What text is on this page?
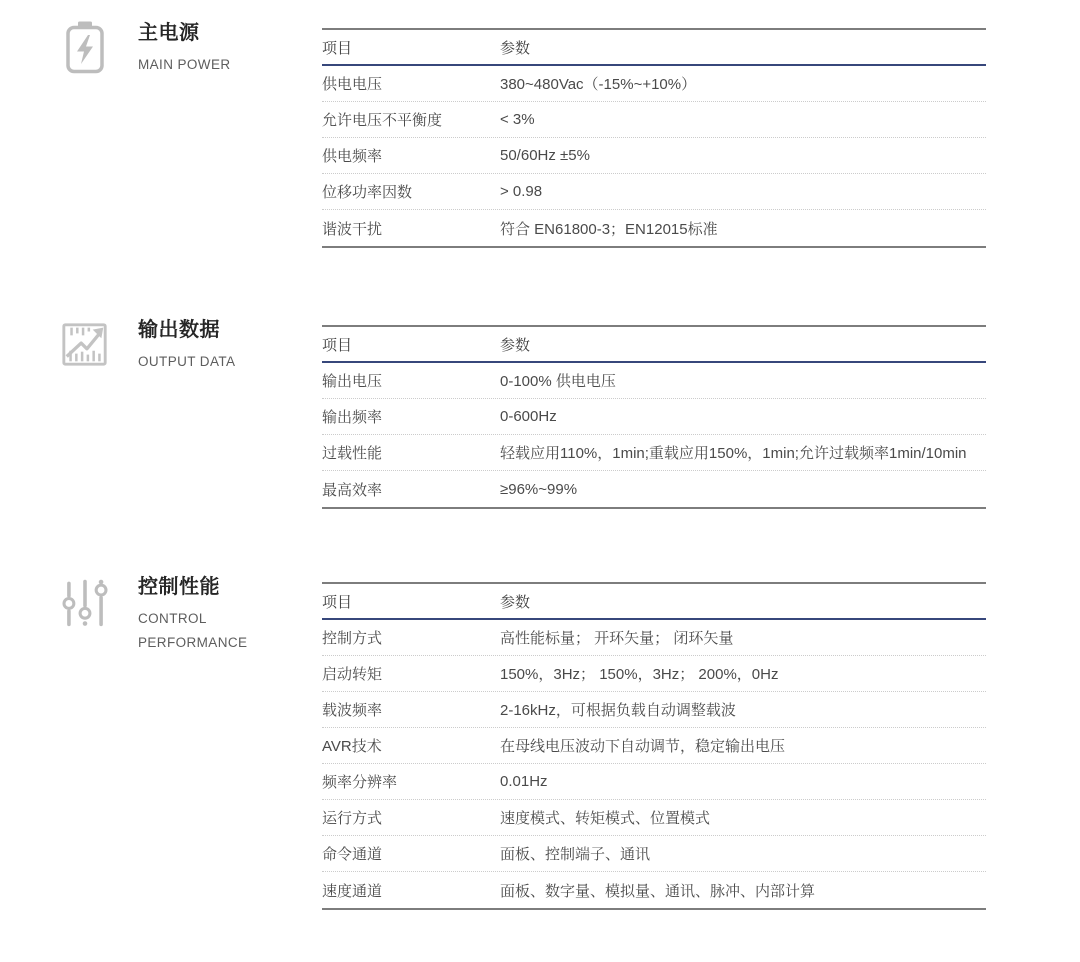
主电源
MAIN POWER
项目	参数
供电电压	380~480Vac（-15%~+10%）
允许电压不平衡度	< 3%
供电频率	50/60Hz ±5%
位移功率因数	> 0.98
谐波干扰	符合 EN61800-3；EN12015标准
输出数据
OUTPUT DATA
项目	参数
输出电压	0-100% 供电电压
输出频率	0-600Hz
过载性能	轻载应用110%，1min;重载应用150%，1min;允许过载频率1min/10min
最高效率	≥96%~99%
控制性能
CONTROL PERFORMANCE
项目	参数
控制方式	高性能标量； 开环矢量； 闭环矢量
启动转矩	150%，3Hz； 150%，3Hz； 200%，0Hz
载波频率	2-16kHz，可根据负载自动调整载波
AVR技术	在母线电压波动下自动调节，稳定输出电压
频率分辨率	0.01Hz
运行方式	速度模式、转矩模式、位置模式
命令通道	面板、控制端子、通讯
速度通道	面板、数字量、模拟量、通讯、脉冲、内部计算
